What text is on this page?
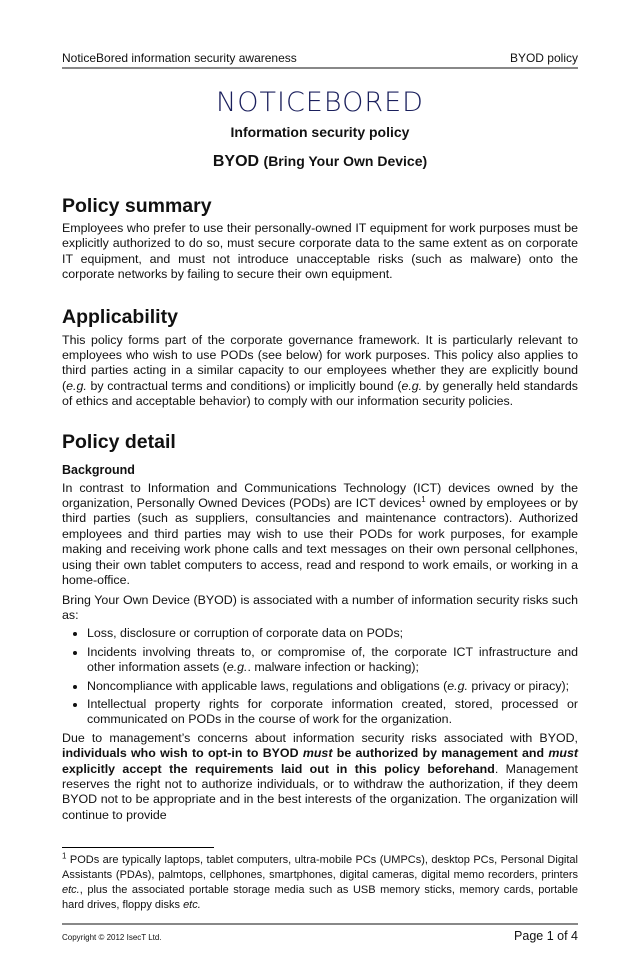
NoticeBored information security awareness	BYOD policy
NOTICEBORED
Information security policy
BYOD (Bring Your Own Device)
Policy summary

Employees who prefer to use their personally-owned IT equipment for work purposes must be explicitly authorized to do so, must secure corporate data to the same extent as on corporate IT equipment, and must not introduce unacceptable risks (such as malware) onto the corporate networks by failing to secure their own equipment.

Applicability

This policy forms part of the corporate governance framework. It is particularly relevant to employees who wish to use PODs (see below) for work purposes. This policy also applies to third parties acting in a similar capacity to our employees whether they are explicitly bound (e.g. by contractual terms and conditions) or implicitly bound (e.g. by generally held standards of ethics and acceptable behavior) to comply with our information security policies.

Policy detail
Background

In contrast to Information and Communications Technology (ICT) devices owned by the organization, Personally Owned Devices (PODs) are ICT devices$^1$ owned by employees or by third parties (such as suppliers, consultancies and maintenance contractors). Authorized employees and third parties may wish to use their PODs for work purposes, for example making and receiving work phone calls and text messages on their own personal cellphones, using their own tablet computers to access, read and respond to work emails, or working in a home-office.

Bring Your Own Device (BYOD) is associated with a number of information security risks such as:

• Loss, disclosure or corruption of corporate data on PODs;
• Incidents involving threats to, or compromise of, the corporate ICT infrastructure and other information assets (e.g.. malware infection or hacking);
• Noncompliance with applicable laws, regulations and obligations (e.g. privacy or piracy);
• Intellectual property rights for corporate information created, stored, processed or communicated on PODs in the course of work for the organization.

Due to management’s concerns about information security risks associated with BYOD, individuals who wish to opt-in to BYOD must be authorized by management and must explicitly accept the requirements laid out in this policy beforehand. Management reserves the right not to authorize individuals, or to withdraw the authorization, if they deem BYOD not to be appropriate and in the best interests of the organization. The organization will continue to provide

$^1$ PODs are typically laptops, tablet computers, ultra-mobile PCs (UMPCs), desktop PCs, Personal Digital Assistants (PDAs), palmtops, cellphones, smartphones, digital cameras, digital memo recorders, printers etc., plus the associated portable storage media such as USB memory sticks, memory cards, portable hard drives, floppy disks etc.
Copyright © 2012 IsecT Ltd.	Page 1 of 4
